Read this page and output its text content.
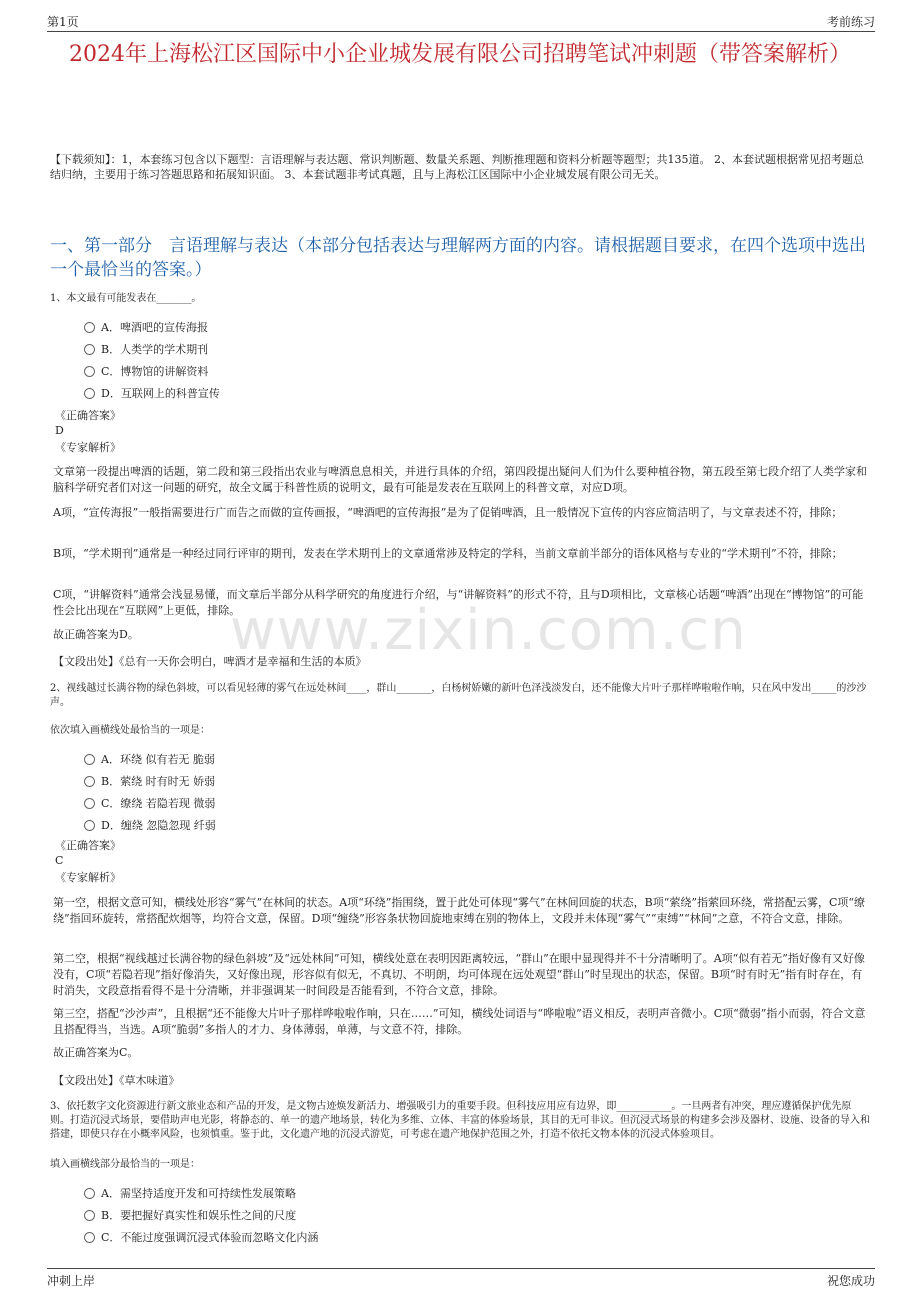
第1页	考前练习
2024年上海松江区国际中小企业城发展有限公司招聘笔试冲刺题（带答案解析）
【下载须知】：1，本套练习包含以下题型：言语理解与表达题、常识判断题、数量关系题、判断推理题和资料分析题等题型；共135道。 2、本套试题根据常见招考题总结归纳，主要用于练习答题思路和拓展知识面。 3、本套试题非考试真题，且与上海松江区国际中小企业城发展有限公司无关。
一、第一部分　言语理解与表达（本部分包括表达与理解两方面的内容。请根据题目要求，在四个选项中选出一个最恰当的答案。）
www.zixin.com.cn
1、本文最有可能发表在_______。
A．啤酒吧的宣传海报
B．人类学的学术期刊
C．博物馆的讲解资料
D．互联网上的科普宣传
《正确答案》
D
《专家解析》
文章第一段提出啤酒的话题，第二段和第三段指出农业与啤酒息息相关，并进行具体的介绍，第四段提出疑问人们为什么要种植谷物，第五段至第七段介绍了人类学家和脑科学研究者们对这一问题的研究，故全文属于科普性质的说明文，最有可能是发表在互联网上的科普文章，对应D项。
A项，“宣传海报”一般指需要进行广而告之而做的宣传画报，“啤酒吧的宣传海报”是为了促销啤酒，且一般情况下宣传的内容应简洁明了，与文章表述不符，排除；
B项，“学术期刊”通常是一种经过同行评审的期刊，发表在学术期刊上的文章通常涉及特定的学科，当前文章前半部分的语体风格与专业的“学术期刊”不符，排除；
C项，“讲解资料”通常会浅显易懂，而文章后半部分从科学研究的角度进行介绍，与“讲解资料”的形式不符，且与D项相比，文章核心话题“啤酒”出现在“博物馆”的可能性会比出现在“互联网”上更低，排除。
故正确答案为D。
【文段出处】《总有一天你会明白，啤酒才是幸福和生活的本质》
2、视线越过长满谷物的绿色斜坡，可以看见轻薄的雾气在远处林间____，群山_______，白杨树娇嫩的新叶色泽浅淡发白，还不能像大片叶子那样哗啦啦作响，只在风中发出_____的沙沙声。
依次填入画横线处最恰当的一项是：
A．环绕 似有若无 脆弱
B．萦绕 时有时无 娇弱
C．缭绕 若隐若现 微弱
D．缠绕 忽隐忽现 纤弱
《正确答案》
C
《专家解析》
第一空，根据文意可知，横线处形容“雾气”在林间的状态。A项“环绕”指围绕，置于此处可体现“雾气”在林间回旋的状态，B项“萦绕”指萦回环绕，常搭配云雾，C项“缭绕”指回环旋转，常搭配炊烟等，均符合文意，保留。D项“缠绕”形容条状物回旋地束缚在别的物体上，文段并未体现“雾气”“束缚”“林间”之意，不符合文意，排除。
第二空，根据“视线越过长满谷物的绿色斜坡”及“远处林间”可知，横线处意在表明因距离较远，“群山”在眼中显现得并不十分清晰明了。A项“似有若无”指好像有又好像没有，C项“若隐若现”指好像消失，又好像出现，形容似有似无，不真切、不明朗，均可体现在远处观望“群山”时呈现出的状态，保留。B项“时有时无”指有时存在，有时消失，文段意指看得不是十分清晰，并非强调某一时间段是否能看到，不符合文意，排除。
第三空，搭配“沙沙声”，且根据“还不能像大片叶子那样哗啦啦作响，只在……”可知，横线处词语与“哗啦啦”语义相反，表明声音微小。C项“微弱”指小而弱，符合文意且搭配得当，当选。A项“脆弱”多指人的才力、身体薄弱，单薄，与文意不符，排除。
故正确答案为C。
【文段出处】《草木味道》
3、依托数字文化资源进行新文旅业态和产品的开发，是文物古迹焕发新活力、增强吸引力的重要手段。但科技应用应有边界，即___________。一旦两者有冲突，理应遵循保护优先原则。打造沉浸式场景，要借助声电光影，将静态的、单一的遗产地场景，转化为多维、立体、丰富的体验场景，其目的无可非议。但沉浸式场景的构建多会涉及器材、设施、设备的导入和搭建，即使只存在小概率风险，也须慎重。鉴于此，文化遗产地的沉浸式游览，可考虑在遗产地保护范围之外，打造不依托文物本体的沉浸式体验项目。
填入画横线部分最恰当的一项是：
A．需坚持适度开发和可持续性发展策略
B．要把握好真实性和娱乐性之间的尺度
C．不能过度强调沉浸式体验而忽略文化内涵
冲刺上岸	祝您成功
